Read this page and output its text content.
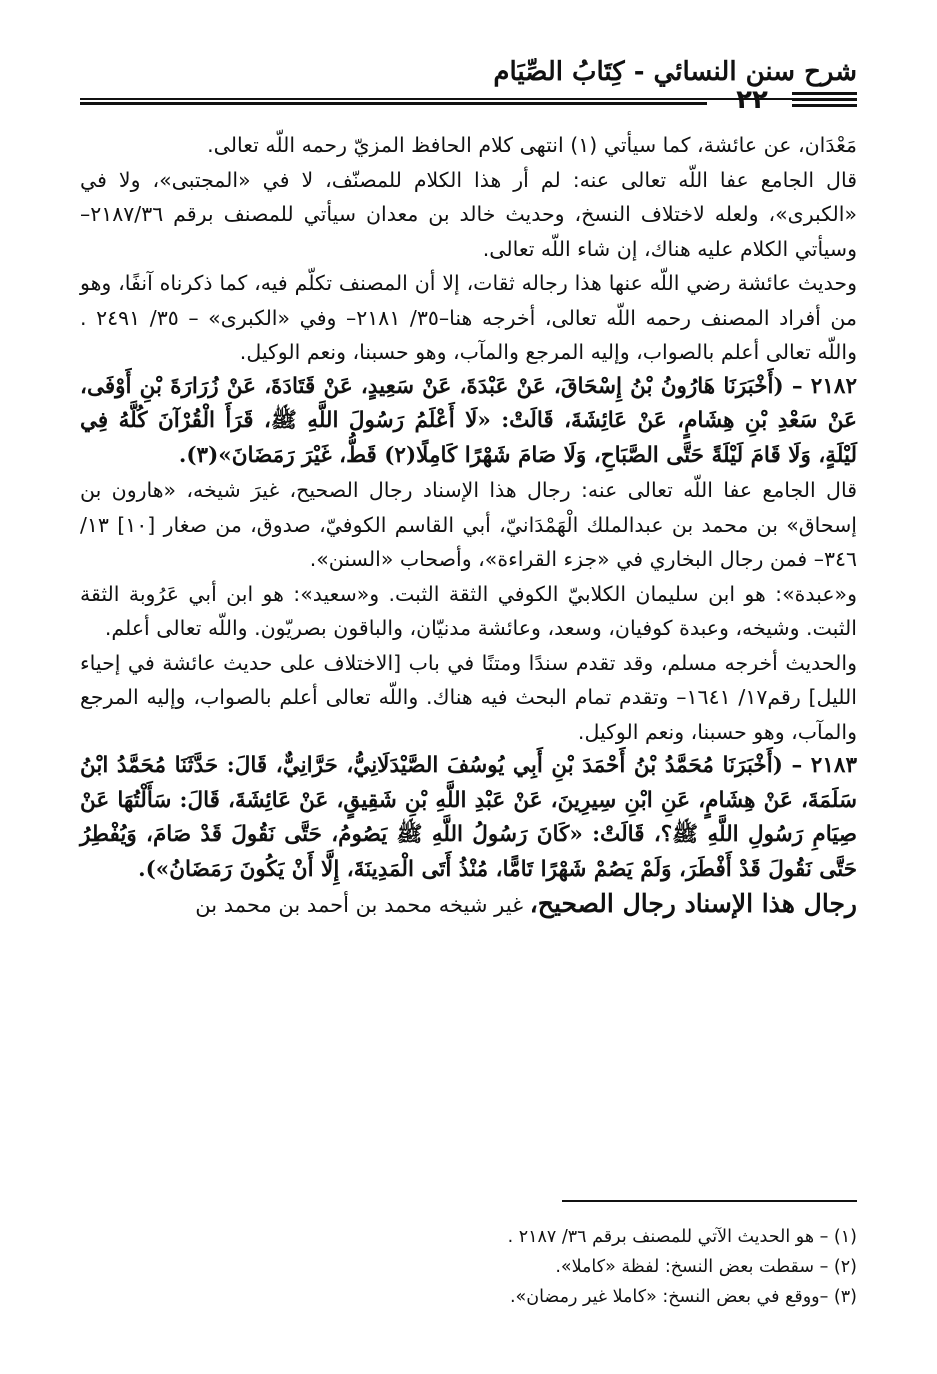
شرح سنن النسائي - كِتَابُ الصِّيَام
٢٢

مَعْدَان، عن عائشة، كما سيأتي (١) انتهى كلام الحافظ المزيّ رحمه اللّه تعالى.

قال الجامع عفا اللّه تعالى عنه: لم أر هذا الكلام للمصنّف، لا في «المجتبى»، ولا في «الكبرى»، ولعله لاختلاف النسخ، وحديث خالد بن معدان سيأتي للمصنف برقم ٢١٨٧/٣٦– وسيأتي الكلام عليه هناك، إن شاء اللّه تعالى.

وحديث عائشة رضي اللّه عنها هذا رجاله ثقات، إلا أن المصنف تكلّم فيه، كما ذكرناه آنفًا، وهو من أفراد المصنف رحمه اللّه تعالى، أخرجه هنا–٣٥/ ٢١٨١– وفي «الكبرى» – ٣٥/ ٢٤٩١ . واللّه تعالى أعلم بالصواب، وإليه المرجع والمآب، وهو حسبنا، ونعم الوكيل.

٢١٨٢ – (أَخْبَرَنَا هَارُونُ بْنُ إِسْحَاقَ، عَنْ عَبْدَةَ، عَنْ سَعِيدٍ، عَنْ قَتَادَةَ، عَنْ زُرَارَةَ بْنِ أَوْفَى، عَنْ سَعْدِ بْنِ هِشَامٍ، عَنْ عَائِشَةَ، قَالَتْ: «لَا أَعْلَمُ رَسُولَ اللَّهِ ﷺ، قَرَأَ الْقُرْآنَ كُلَّهُ فِي لَيْلَةٍ، وَلَا قَامَ لَيْلَةً حَتَّى الصَّبَاحِ، وَلَا صَامَ شَهْرًا كَامِلًا(٢) قَطُّ، غَيْرَ رَمَضَانَ»(٣).

قال الجامع عفا اللّه تعالى عنه: رجال هذا الإسناد رجال الصحيح، غيرَ شيخه، «هارون بن إسحاق» بن محمد بن عبدالملك الْهَمْدَانيّ، أبي القاسم الكوفيّ، صدوق، من صغار [١٠] ١٣/ ٣٤٦– فمن رجال البخاري في «جزء القراءة»، وأصحاب «السنن».

و«عبدة»: هو ابن سليمان الكلابيّ الكوفي الثقة الثبت. و«سعيد»: هو ابن أبي عَرُوبة الثقة الثبت. وشيخه، وعبدة كوفيان، وسعد، وعائشة مدنيّان، والباقون بصريّون. واللّه تعالى أعلم.

والحديث أخرجه مسلم، وقد تقدم سندًا ومتنًا في باب [الاختلاف على حديث عائشة في إحياء الليل] رقم١٧/ ١٦٤١– وتقدم تمام البحث فيه هناك. واللّه تعالى أعلم بالصواب، وإليه المرجع والمآب، وهو حسبنا، ونعم الوكيل.

٢١٨٣ – (أَخْبَرَنَا مُحَمَّدُ بْنُ أَحْمَدَ بْنِ أَبِي يُوسُفَ الصَّيْدَلَانِيُّ، حَرَّانِيٌّ، قَالَ: حَدَّثَنَا مُحَمَّدُ ابْنُ سَلَمَةَ، عَنْ هِشَامٍ، عَنِ ابْنِ سِيرِينَ، عَنْ عَبْدِ اللَّهِ بْنِ شَقِيقٍ، عَنْ عَائِشَةَ، قَالَ: سَأَلْتُهَا عَنْ صِيَامِ رَسُولِ اللَّهِ ﷺ؟، قَالَتْ: «كَانَ رَسُولُ اللَّهِ ﷺ يَصُومُ، حَتَّى نَقُولَ قَدْ صَامَ، وَيُفْطِرُ حَتَّى نَقُولَ قَدْ أَفْطَرَ، وَلَمْ يَصُمْ شَهْرًا تَامًّا، مُنْذُ أَتَى الْمَدِينَةَ، إِلَّا أَنْ يَكُونَ رَمَضَانُ»).

رجال هذا الإسناد رجال الصحيح، غير شيخه محمد بن أحمد بن محمد بن

(١) – هو الحديث الآتي للمصنف برقم ٣٦/ ٢١٨٧ .
(٢) – سقطت بعض النسخ: لفظة «كاملا».
(٣) –ووقع في بعض النسخ: «كاملا غير رمضان».
